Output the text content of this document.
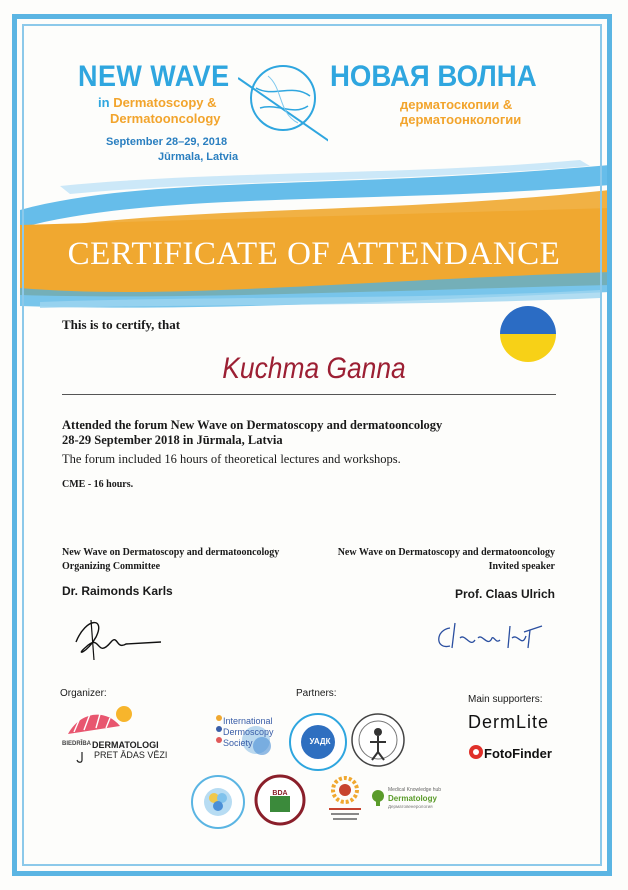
NEW WAVE
in Dermatoscopy &
Dermatooncology
September 28–29, 2018
Jūrmala, Latvia
НОВАЯ ВОЛНА
дерматоскопии &
дерматоонкологии
CERTIFICATE OF ATTENDANCE
This is to certify, that
Kuchma Ganna
Attended the forum New Wave on Dermatoscopy and dermatooncology
28-29 September 2018 in Jūrmala, Latvia
The forum included 16 hours of theoretical lectures and workshops.
CME - 16 hours.
New Wave on Dermatoscopy and dermatooncology
Organizing Committee
Dr. Raimonds Karls
New Wave on Dermatoscopy and dermatooncology
Invited speaker
Prof. Claas Ulrich
Organizer:	Partners:
Main supporters:
BIEDRĪBA DERMATOLOGI
PRET ĀDAS VĒZI
International
Dermoscopy
Society	УАДК
BDA	Medical Knowledge hub
Dermatology
Дерматовенерология
DermLite
FotoFinder
